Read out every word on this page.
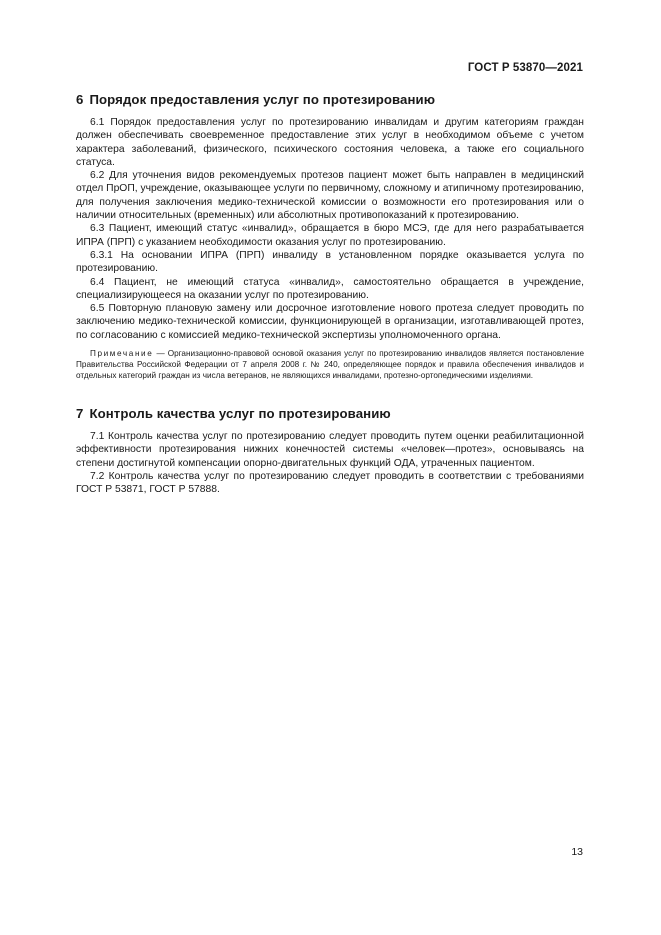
ГОСТ Р 53870—2021
6 Порядок предоставления услуг по протезированию

6.1 Порядок предоставления услуг по протезированию инвалидам и другим категориям граждан должен обеспечивать своевременное предоставление этих услуг в необходимом объеме с учетом характера заболеваний, физического, психического состояния человека, а также его социального статуса.

6.2 Для уточнения видов рекомендуемых протезов пациент может быть направлен в медицинский отдел ПрОП, учреждение, оказывающее услуги по первичному, сложному и атипичному протезированию, для получения заключения медико-технической комиссии о возможности его протезирования или о наличии относительных (временных) или абсолютных противопоказаний к протезированию.

6.3 Пациент, имеющий статус «инвалид», обращается в бюро МСЭ, где для него разрабатывается ИПРА (ПРП) с указанием необходимости оказания услуг по протезированию.

6.3.1 На основании ИПРА (ПРП) инвалиду в установленном порядке оказывается услуга по протезированию.

6.4 Пациент, не имеющий статуса «инвалид», самостоятельно обращается в учреждение, специализирующееся на оказании услуг по протезированию.

6.5 Повторную плановую замену или досрочное изготовление нового протеза следует проводить по заключению медико-технической комиссии, функционирующей в организации, изготавливающей протез, по согласованию с комиссией медико-технической экспертизы уполномоченного органа.

Примечание — Организационно-правовой основой оказания услуг по протезированию инвалидов является постановление Правительства Российской Федерации от 7 апреля 2008 г. № 240, определяющее порядок и правила обеспечения инвалидов и отдельных категорий граждан из числа ветеранов, не являющихся инвалидами, протезно-ортопедическими изделиями.

7 Контроль качества услуг по протезированию

7.1 Контроль качества услуг по протезированию следует проводить путем оценки реабилитационной эффективности протезирования нижних конечностей системы «человек—протез», основываясь на степени достигнутой компенсации опорно-двигательных функций ОДА, утраченных пациентом.

7.2 Контроль качества услуг по протезированию следует проводить в соответствии с требованиями ГОСТ Р 53871, ГОСТ Р 57888.

13
